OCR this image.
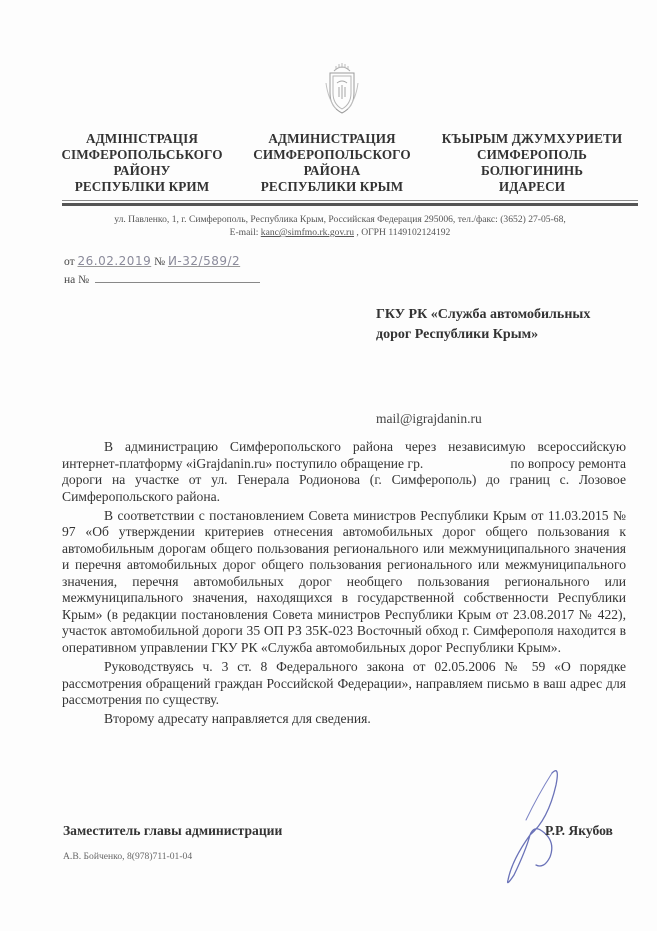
АДМІНІСТРАЦІЯ
СІМФЕРОПОЛЬСЬКОГО
РАЙОНУ
РЕСПУБЛІКИ КРИМ
АДМИНИСТРАЦИЯ
СИМФЕРОПОЛЬСКОГО
РАЙОНА
РЕСПУБЛИКИ КРЫМ
КЪЫРЫМ ДЖУМХУРИЕТИ
СИМФЕРОПОЛЬ
БОЛЮГИНИНЬ
ИДАРЕСИ
ул. Павленко, 1, г. Симферополь, Республика Крым, Российская Федерация 295006, тел./факс: (3652) 27-05-68,
E-mail: kanc@simfmo.rk.gov.ru , ОГРН 1149102124192
от 26.02.2019 № И-32/589/2
на №
ГКУ РК «Служба автомобильных
дорог Республики Крым»
mail@igrajdanin.ru

В администрацию Симферопольского района через независимую всероссийскую интернет-платформу «iGrajdanin.ru» поступило обращение гр.                         по вопросу ремонта дороги на участке от ул. Генерала Родионова (г. Симферополь) до границ с. Лозовое Симферопольского района.

В соответствии с постановлением Совета министров Республики Крым от 11.03.2015 № 97 «Об утверждении критериев отнесения автомобильных дорог общего пользования к автомобильным дорогам общего пользования регионального или межмуниципального значения и перечня автомобильных дорог общего пользования регионального или межмуниципального значения, перечня автомобильных дорог необщего пользования регионального или межмуниципального значения, находящихся в государственной собственности Республики Крым» (в редакции постановления Совета министров Республики Крым от 23.08.2017 № 422), участок автомобильной дороги 35 ОП РЗ 35К-023 Восточный обход г. Симферополя находится в оперативном управлении ГКУ РК «Служба автомобильных дорог Республики Крым».

Руководствуясь ч. 3 ст. 8 Федерального закона от 02.05.2006 № 59 «О порядке рассмотрения обращений граждан Российской Федерации», направляем письмо в ваш адрес для рассмотрения по существу.

Второму адресату направляется для сведения.

Заместитель главы администрации	Р.Р. Якубов
А.В. Бойченко, 8(978)711-01-04
